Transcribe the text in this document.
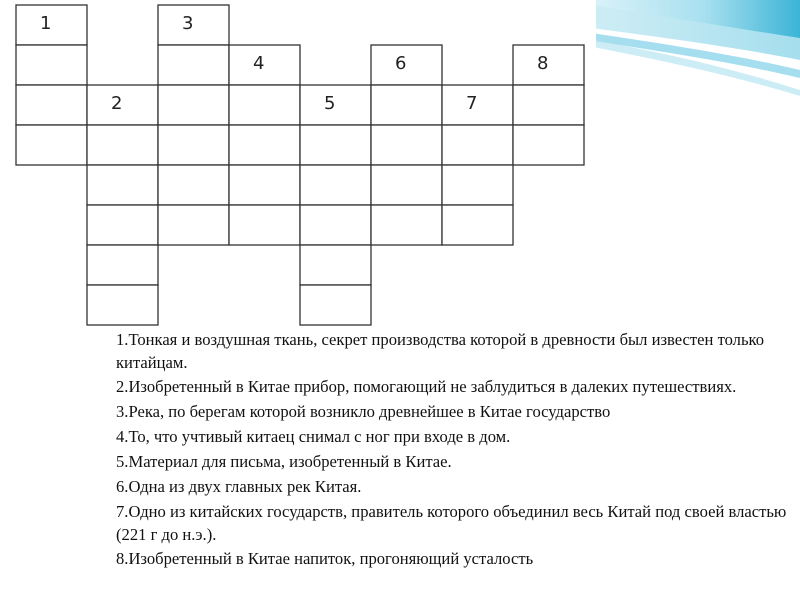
1	3
4	6	8
2	5	7
1.Тонкая и воздушная ткань, секрет производства которой в древности был известен только китайцам.
2.Изобретенный в Китае прибор, помогающий не заблудиться в далеких путешествиях.
3.Река, по берегам которой возникло древнейшее в Китае государство
4.То, что учтивый китаец снимал с ног при входе в дом.
5.Материал для письма, изобретенный в Китае.
6.Одна из двух главных рек Китая.
7.Одно из китайских государств, правитель которого объединил весь Китай под своей властью (221 г до н.э.).
8.Изобретенный в Китае напиток, прогоняющий усталость
